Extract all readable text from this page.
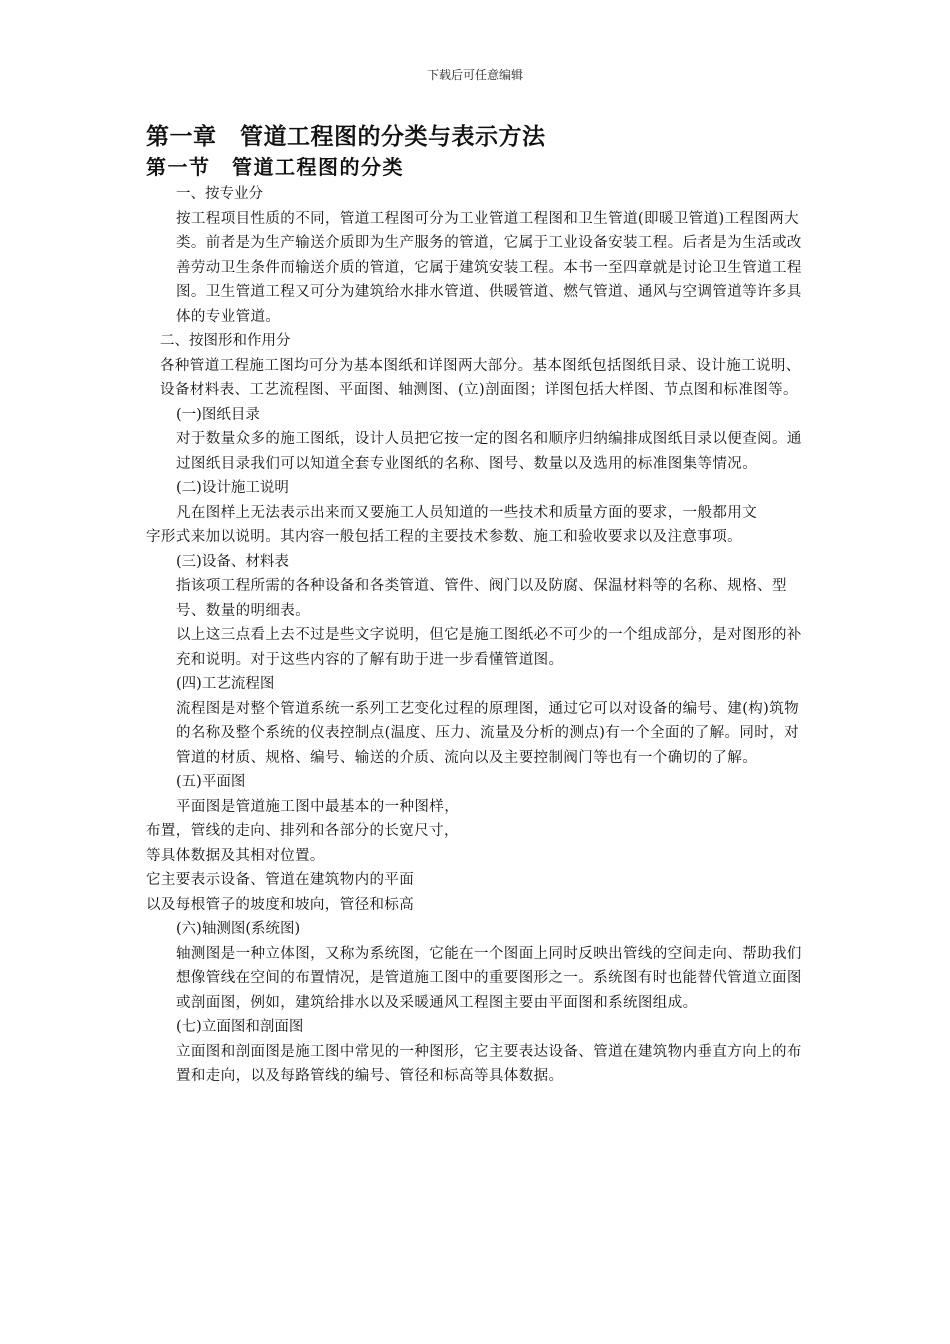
下载后可任意编辑
第一章　管道工程图的分类与表示方法
第一节　管道工程图的分类

一、按专业分

按工程项目性质的不同，管道工程图可分为工业管道工程图和卫生管道(即暖卫管道)工程图两大类。前者是为生产输送介质即为生产服务的管道，它属于工业设备安装工程。后者是为生活或改善劳动卫生条件而输送介质的管道，它属于建筑安装工程。本书一至四章就是讨论卫生管道工程图。卫生管道工程又可分为建筑给水排水管道、供暖管道、燃气管道、通风与空调管道等许多具体的专业管道。

二、按图形和作用分

各种管道工程施工图均可分为基本图纸和详图两大部分。基本图纸包括图纸目录、设计施工说明、设备材料表、工艺流程图、平面图、轴测图、(立)剖面图；详图包括大样图、节点图和标准图等。

(一)图纸目录

对于数量众多的施工图纸，设计人员把它按一定的图名和顺序归纳编排成图纸目录以便查阅。通过图纸目录我们可以知道全套专业图纸的名称、图号、数量以及选用的标准图集等情况。

(二)设计施工说明

凡在图样上无法表示出来而又要施工人员知道的一些技术和质量方面的要求，一般都用文

字形式来加以说明。其内容一般包括工程的主要技术参数、施工和验收要求以及注意事项。

(三)设备、材料表

指该项工程所需的各种设备和各类管道、管件、阀门以及防腐、保温材料等的名称、规格、型号、数量的明细表。

以上这三点看上去不过是些文字说明，但它是施工图纸必不可少的一个组成部分，是对图形的补充和说明。对于这些内容的了解有助于进一步看懂管道图。

(四)工艺流程图

流程图是对整个管道系统一系列工艺变化过程的原理图，通过它可以对设备的编号、建(构)筑物的名称及整个系统的仪表控制点(温度、压力、流量及分析的测点)有一个全面的了解。同时，对管道的材质、规格、编号、输送的介质、流向以及主要控制阀门等也有一个确切的了解。

(五)平面图

平面图是管道施工图中最基本的一种图样，

布置，管线的走向、排列和各部分的长宽尺寸，

等具体数据及其相对位置。

它主要表示设备、管道在建筑物内的平面

以及每根管子的坡度和坡向，管径和标高

(六)轴测图(系统图)

轴测图是一种立体图，又称为系统图，它能在一个图面上同时反映出管线的空间走向、帮助我们想像管线在空间的布置情况，是管道施工图中的重要图形之一。系统图有时也能替代管道立面图或剖面图，例如，建筑给排水以及采暖通风工程图主要由平面图和系统图组成。

(七)立面图和剖面图

立面图和剖面图是施工图中常见的一种图形，它主要表达设备、管道在建筑物内垂直方向上的布置和走向，以及每路管线的编号、管径和标高等具体数据。
